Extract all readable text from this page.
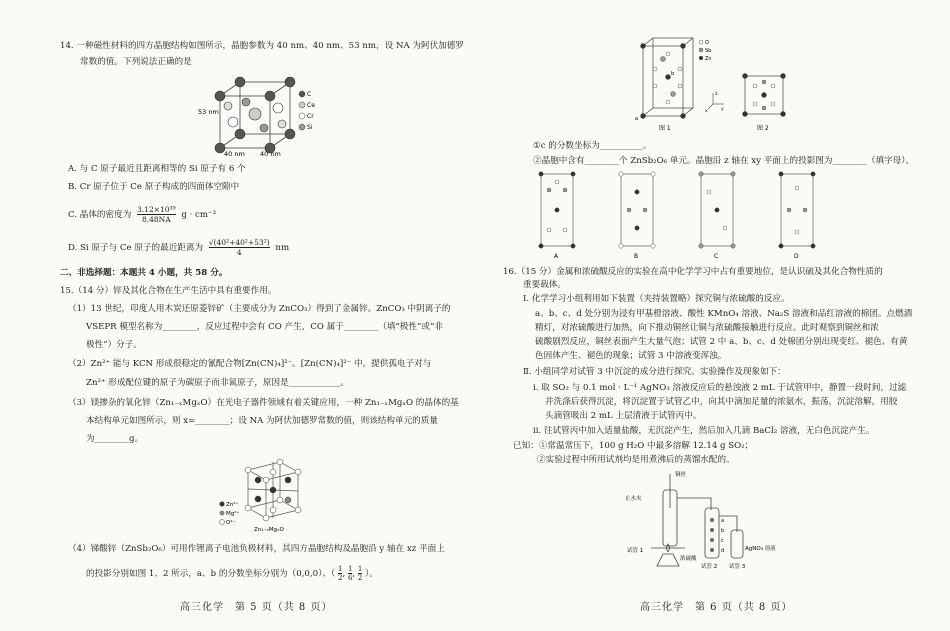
14. 一种磁性材料的四方晶胞结构如图所示，晶胞参数为 40 nm、40 nm、53 nm，设 NA 为阿伏加德罗
常数的值。下列说法正确的是
53 nm
40 nm 40 nm
C
Ce
Cr
Si
A. 与 C 原子最近且距离相等的 Si 原子有 6 个
B. Cr 原子位于 Ce 原子构成的四面体空隙中
C. 晶体的密度为 $\frac{\text{3.12×10³⁹}}{8.48NA}$ g · cm⁻³
D. Si 原子与 Ce 原子的最近距离为 $\frac{\text{√(40²+40²+53²)}}{4}$ nm
二、非选择题：本题共 4 小题，共 58 分。
15.（14 分）锌及其化合物在生产生活中具有重要作用。
（1）13 世纪，印度人用木炭还原菱锌矿（主要成分为 ZnCO₃）得到了金属锌。ZnCO₃ 中阴离子的
VSEPR 模型名称为________，反应过程中会有 CO 产生，CO 属于________（填“极性”或“非
极性”）分子。
（2）Zn²⁺ 能与 KCN 形成很稳定的氰配合物[Zn(CN)₄]²⁻。[Zn(CN)₄]²⁻ 中，提供孤电子对与
Zn²⁺ 形成配位键的原子为碳原子而非氮原子，原因是____________。
（3）镁掺杂的氧化锌（Zn₁₋ₓMgₓO）在光电子器件领域有着关键应用，一种 Zn₁₋ₓMgₓO 的晶体的基
本结构单元如图所示，则 x=________；设 NA 为阿伏加德罗常数的值，则该结构单元的质量
为________g。
Zn²⁺
Mg²⁺
O²⁻
Zn₁₋ₓMgₓO
（4）锑酸锌（ZnSb₂O₆）可用作锂离子电池负极材料，其四方晶胞结构及晶胞沿 y 轴在 xz 平面上
的投影分别如图 1、2 所示，a、b 的分数坐标分别为（0,0,0）、（ $\frac{1}{2}$ , $\frac{1}{6}$ , $\frac{1}{2}$ ）。
高三化学　第 5 页（共 8 页）
a
b
O
Sb
Zn
图 1
x	y
z
图 2
①c 的分数坐标为__________。
②晶胞中含有________个 ZnSb₂O₆ 单元。晶胞沿 z 轴在 xy 平面上的投影图为________（填字母）。
A	B	C	D
16.（15 分）金属和浓硫酸反应的实验在高中化学学习中占有重要地位，是认识硫及其化合物性质的
重要载体。
Ⅰ. 化学学习小组利用如下装置（夹持装置略）探究铜与浓硫酸的反应。
a、b、c、d 处分别为浸有甲基橙溶液、酸性 KMnO₄ 溶液、Na₂S 溶液和品红溶液的棉团。点燃酒
精灯，对浓硫酸进行加热，向下推动铜丝让铜与浓硫酸接触进行反应。此时观察到铜丝和浓
硫酸剧烈反应，铜丝表面产生大量气泡；试管 2 中 a、b、c、d 处棉团分别出现变红、褪色、有黄
色固体产生、褪色的现象；试管 3 中溶液变浑浊。
Ⅱ. 小组同学对试管 3 中沉淀的成分进行探究。实验操作及现象如下：
i. 取 SO₂ 与 0.1 mol · L⁻¹ AgNO₃ 溶液反应后的悬浊液 2 mL 于试管甲中，静置一段时间，过滤
并洗涤后获得沉淀，将沉淀置于试管乙中，向其中滴加足量的浓氨水，振荡，沉淀溶解，用胶
头滴管吸出 2 mL 上层清液于试管丙中。
ii. 往试管丙中加入适量盐酸，无沉淀产生，然后加入几滴 BaCl₂ 溶液，无白色沉淀产生。
已知：①常温常压下，100 g H₂O 中最多溶解 12.14 g SO₂；
②实验过程中所用试剂均是用煮沸后的蒸馏水配的。
铜丝
止水夹
浓硫酸
试管 1
试管 2 试管 3
AgNO₃ 溶液
a
b
c
d
高三化学　第 6 页（共 8 页）
